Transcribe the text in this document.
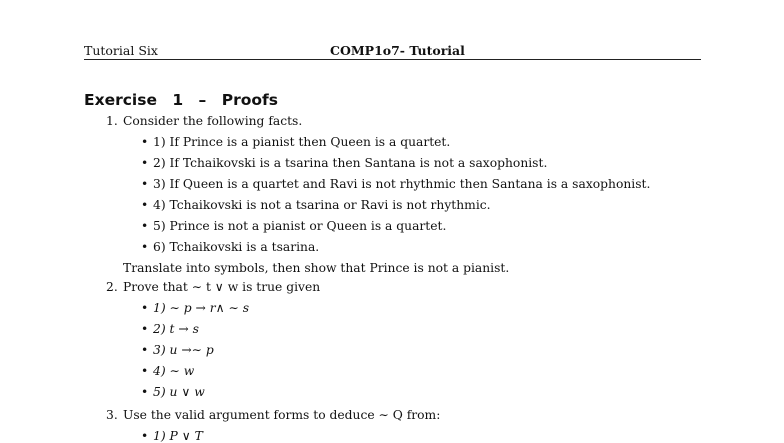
Tutorial Six	COMP1o7- Tutorial
Exercise 1 – Proofs
1. Consider the following facts.
• 1) If Prince is a pianist then Queen is a quartet.
• 2) If Tchaikovski is a tsarina then Santana is not a saxophonist.
• 3) If Queen is a quartet and Ravi is not rhythmic then Santana is a saxophonist.
• 4) Tchaikovski is not a tsarina or Ravi is not rhythmic.
• 5) Prince is not a pianist or Queen is a quartet.
• 6) Tchaikovski is a tsarina.
Translate into symbols, then show that Prince is not a pianist.
2. Prove that ∼ t ∨ w is true given
• 1) ∼ p → r∧ ∼ s
• 2) t → s
• 3) u →∼ p
• 4) ∼ w
• 5) u ∨ w
3. Use the valid argument forms to deduce ∼ Q from:
• 1) P ∨ T
